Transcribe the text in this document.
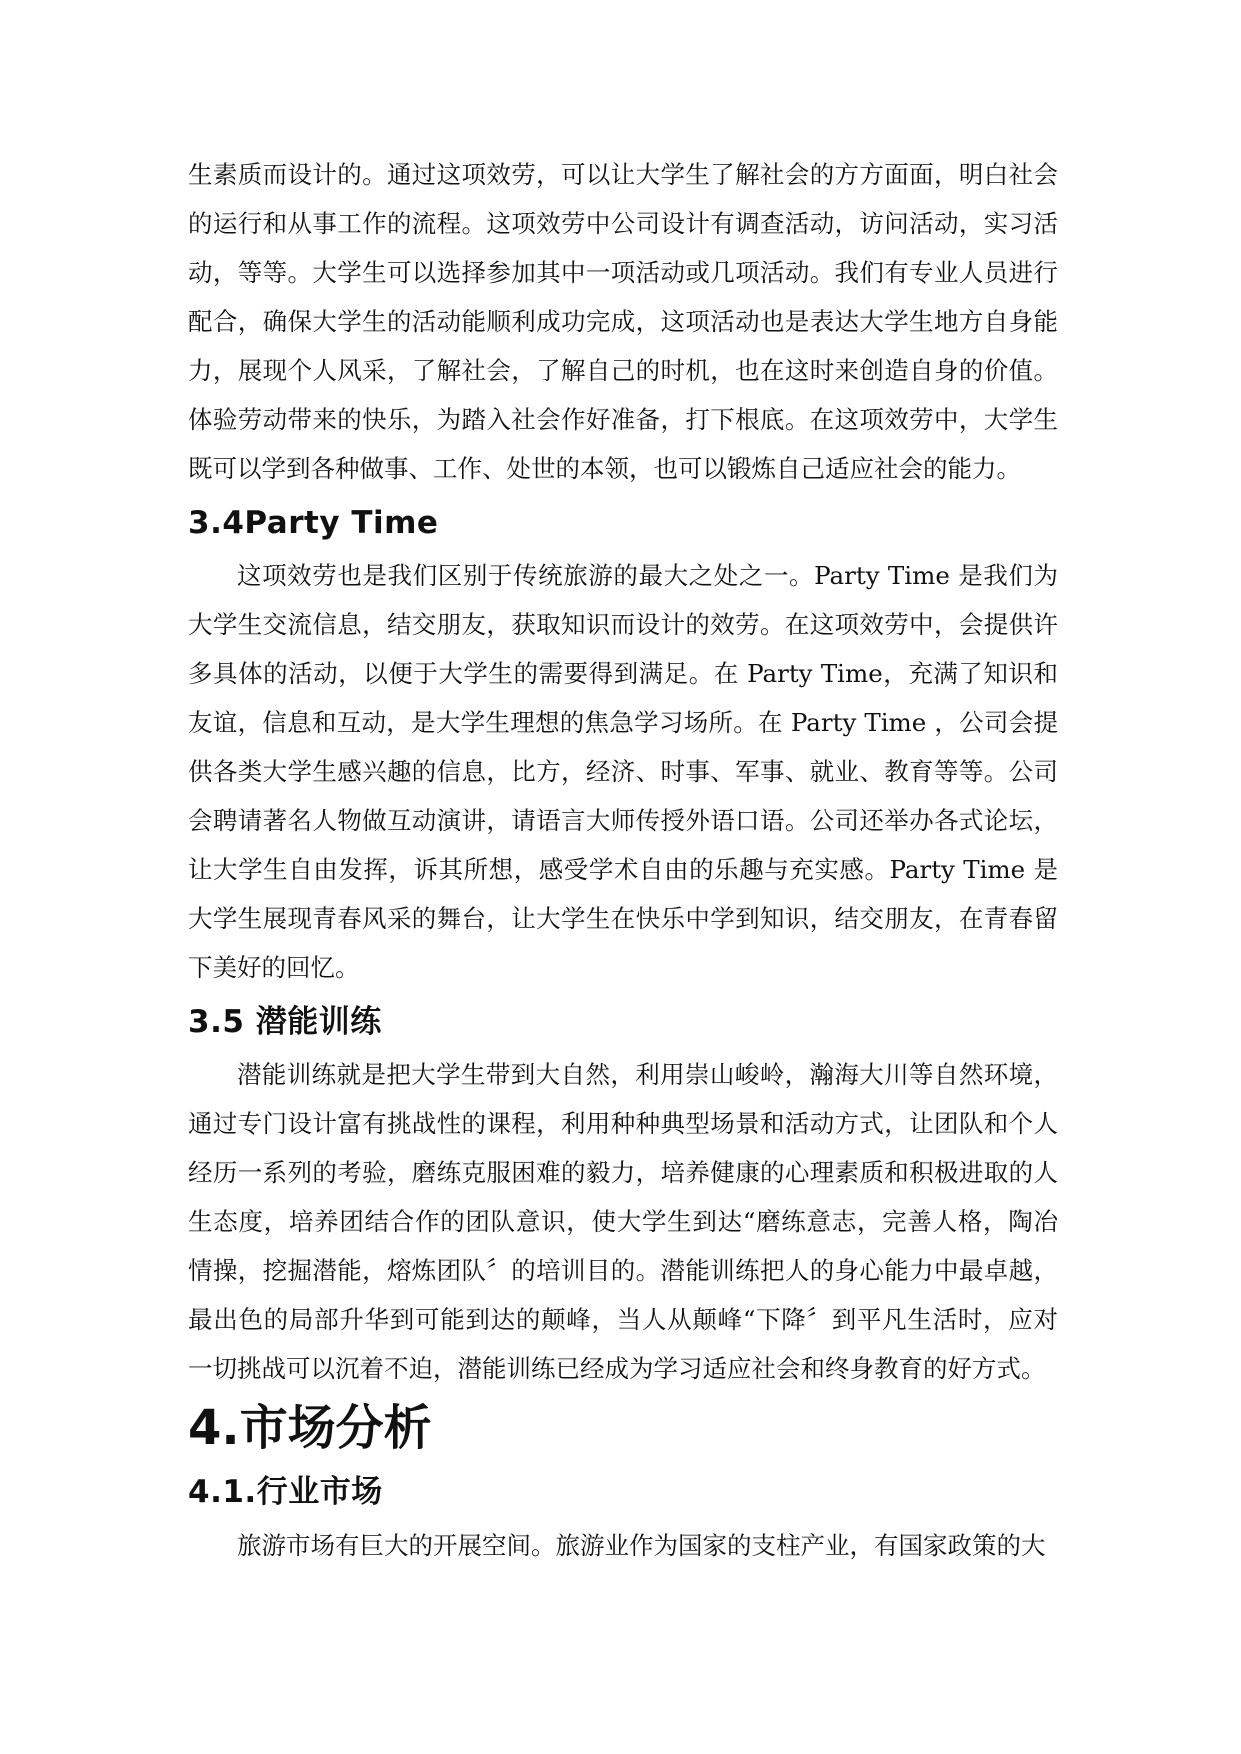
生素质而设计的。通过这项效劳，可以让大学生了解社会的方方面面，明白社会的运行和从事工作的流程。这项效劳中公司设计有调查活动，访问活动，实习活动，等等。大学生可以选择参加其中一项活动或几项活动。我们有专业人员进行配合，确保大学生的活动能顺利成功完成，这项活动也是表达大学生地方自身能力，展现个人风采，了解社会，了解自己的时机，也在这时来创造自身的价值。体验劳动带来的快乐，为踏入社会作好准备，打下根底。在这项效劳中，大学生既可以学到各种做事、工作、处世的本领，也可以锻炼自己适应社会的能力。

3.4Party Time

这项效劳也是我们区别于传统旅游的最大之处之一。Party Time 是我们为大学生交流信息，结交朋友，获取知识而设计的效劳。在这项效劳中，会提供许多具体的活动，以便于大学生的需要得到满足。在 Party Time，充满了知识和友谊，信息和互动，是大学生理想的焦急学习场所。在 Party Time ，公司会提供各类大学生感兴趣的信息，比方，经济、时事、军事、就业、教育等等。公司会聘请著名人物做互动演讲，请语言大师传授外语口语。公司还举办各式论坛，让大学生自由发挥，诉其所想，感受学术自由的乐趣与充实感。Party Time 是大学生展现青春风采的舞台，让大学生在快乐中学到知识，结交朋友，在青春留下美好的回忆。

3.5 潜能训练

潜能训练就是把大学生带到大自然，利用崇山峻岭，瀚海大川等自然环境，通过专门设计富有挑战性的课程，利用种种典型场景和活动方式，让团队和个人经历一系列的考验，磨练克服困难的毅力，培养健康的心理素质和积极进取的人生态度，培养团结合作的团队意识，使大学生到达“磨练意志，完善人格，陶冶情操，挖掘潜能，熔炼团队〞的培训目的。潜能训练把人的身心能力中最卓越，最出色的局部升华到可能到达的颠峰，当人从颠峰“下降〞到平凡生活时，应对一切挑战可以沉着不迫，潜能训练已经成为学习适应社会和终身教育的好方式。

4.市场分析
4.1.行业市场

旅游市场有巨大的开展空间。旅游业作为国家的支柱产业，有国家政策的大
